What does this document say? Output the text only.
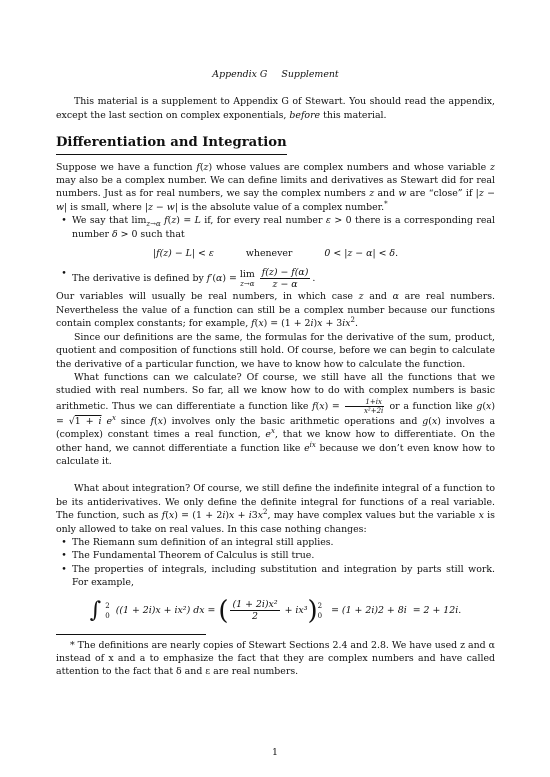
Appendix G Supplement

This material is a supplement to Appendix G of Stewart. You should read the appendix, except the last section on complex exponentials, before this material.

Differentiation and Integration

Suppose we have a function f(z) whose values are complex numbers and whose variable z may also be a complex number. We can define limits and derivatives as Stewart did for real numbers. Just as for real numbers, we say the complex numbers z and w are “close” if |z − w| is small, where |z − w| is the absolute value of a complex number.*

• We say that $\lim_{z\to\alpha} f(z) = L$ if, for every real number ε > 0 there is a corresponding real number δ > 0 such that
|f(z) − L| < ε	whenever	0 < |z − α| < δ.
• The derivative is defined by f′(α) = lim
z→α
$\frac{f(z) - f(\alpha)}{z - \alpha}$ .

Our variables will usually be real numbers, in which case z and α are real numbers. Nevertheless the value of a function can still be a complex number because our functions contain complex constants; for example, $f(x) = (1 + 2i)x + 3ix^2$.

Since our definitions are the same, the formulas for the derivative of the sum, product, quotient and composition of functions still hold. Of course, before we can begin to calculate the derivative of a particular function, we have to know how to calculate the function.

What functions can we calculate? Of course, we still have all the functions that we studied with real numbers. So far, all we know how to do with complex numbers is basic arithmetic. Thus we can differentiate a function like $f(x) = \frac{1+ix}{\text{x²+2i}}$ or a function like g(x) = √1 + i $e^x$ since f(x) involves only the basic arithmetic operations and g(x) involves a (complex) constant times a real function, $e^x$, that we know how to differentiate. On the other hand, we cannot differentiate a function like $e^{ix}$ because we don’t even know how to calculate it.

What about integration? Of course, we still define the indefinite integral of a function to be its antiderivatives. We only define the definite integral for functions of a real variable. The function, such as $f(x) = (1 + 2i)x + i3x^2$, may have complex values but the variable x is only allowed to take on real values. In this case nothing changes:

• The Riemann sum definition of an integral still applies.
• The Fundamental Theorem of Calculus is still true.
• The properties of integrals, including substitution and integration by parts still work. For example,
∫ 2
0 ((1 + 2i)x + ix²) dx
=
( $\frac{\text{(1 + 2i)x²}}{2}$
+ ix³ ) 2
0
= (1 + 2i)2 + 8i
= 2 + 12i.

* The definitions are nearly copies of Stewart Sections 2.4 and 2.8. We have used z and α instead of x and a to emphasize the fact that they are complex numbers and have called attention to the fact that δ and ε are real numbers.

1
